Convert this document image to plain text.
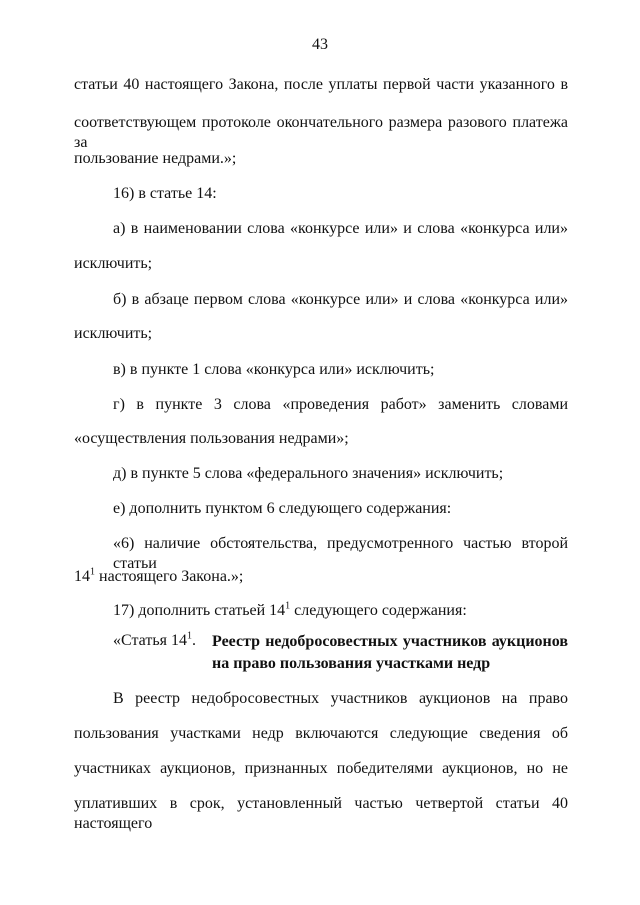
43
статьи 40 настоящего Закона, после уплаты первой части указанного в
соответствующем протоколе окончательного размера разового платежа за
пользование недрами.»;
16) в статье 14:
а) в наименовании слова «конкурсе или» и слова «конкурса или»
исключить;
б) в абзаце первом слова «конкурсе или» и слова «конкурса или»
исключить;
в) в пункте 1 слова «конкурса или» исключить;
г) в пункте 3 слова «проведения работ» заменить словами
«осуществления пользования недрами»;
д) в пункте 5 слова «федерального значения» исключить;
е) дополнить пунктом 6 следующего содержания:
«6) наличие обстоятельства, предусмотренного частью второй статьи
$14^1$ настоящего Закона.»;
17) дополнить статьей $14^1$ следующего содержания:
«Статья $14^1$. Реестр недобросовестных участников аукционов на право пользования участками недр
В реестр недобросовестных участников аукционов на право
пользования участками недр включаются следующие сведения об
участниках аукционов, признанных победителями аукционов, но не
уплативших в срок, установленный частью четвертой статьи 40 настоящего
